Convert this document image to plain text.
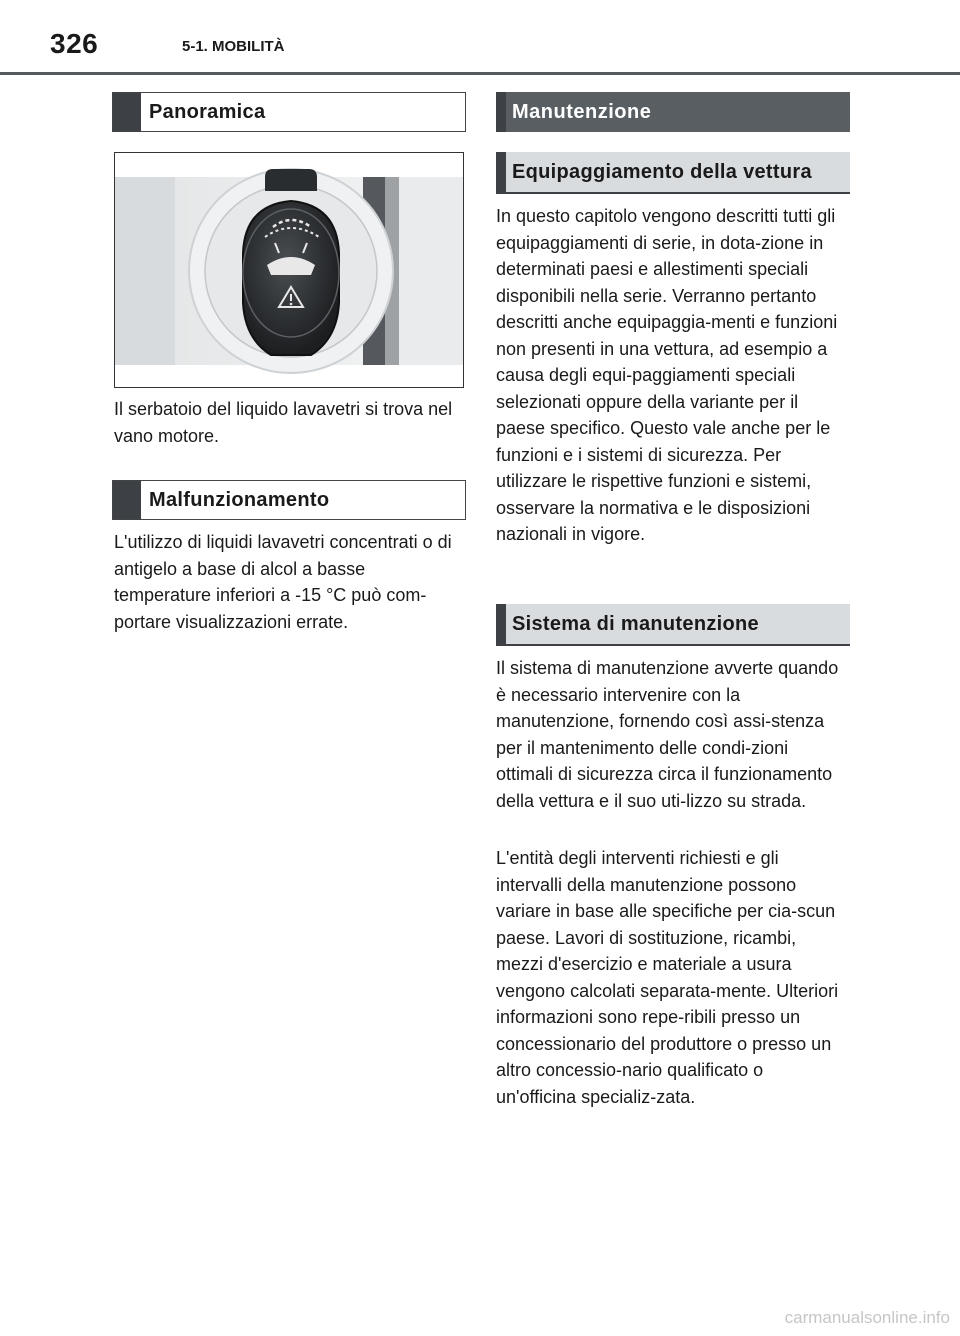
326	5-1. MOBILITÀ
Panoramica

Il serbatoio del liquido lavavetri si trova nel vano motore.

Malfunzionamento

L'utilizzo di liquidi lavavetri concentrati o di antigelo a base di alcol a basse temperature inferiori a -15 °C può com-portare visualizzazioni errate.

Manutenzione
Equipaggiamento della vettura

In questo capitolo vengono descritti tutti gli equipaggiamenti di serie, in dota-zione in determinati paesi e allestimenti speciali disponibili nella serie. Verranno pertanto descritti anche equipaggia-menti e funzioni non presenti in una vettura, ad esempio a causa degli equi-paggiamenti speciali selezionati oppure della variante per il paese specifico. Questo vale anche per le funzioni e i sistemi di sicurezza. Per utilizzare le rispettive funzioni e sistemi, osservare la normativa e le disposizioni nazionali in vigore.

Sistema di manutenzione

Il sistema di manutenzione avverte quando è necessario intervenire con la manutenzione, fornendo così assi-stenza per il mantenimento delle condi-zioni ottimali di sicurezza circa il funzionamento della vettura e il suo uti-lizzo su strada.

L'entità degli interventi richiesti e gli intervalli della manutenzione possono variare in base alle specifiche per cia-scun paese. Lavori di sostituzione, ricambi, mezzi d'esercizio e materiale a usura vengono calcolati separata-mente. Ulteriori informazioni sono repe-ribili presso un concessionario del produttore o presso un altro concessio-nario qualificato o un'officina specializ-zata.

carmanualsonline.info
